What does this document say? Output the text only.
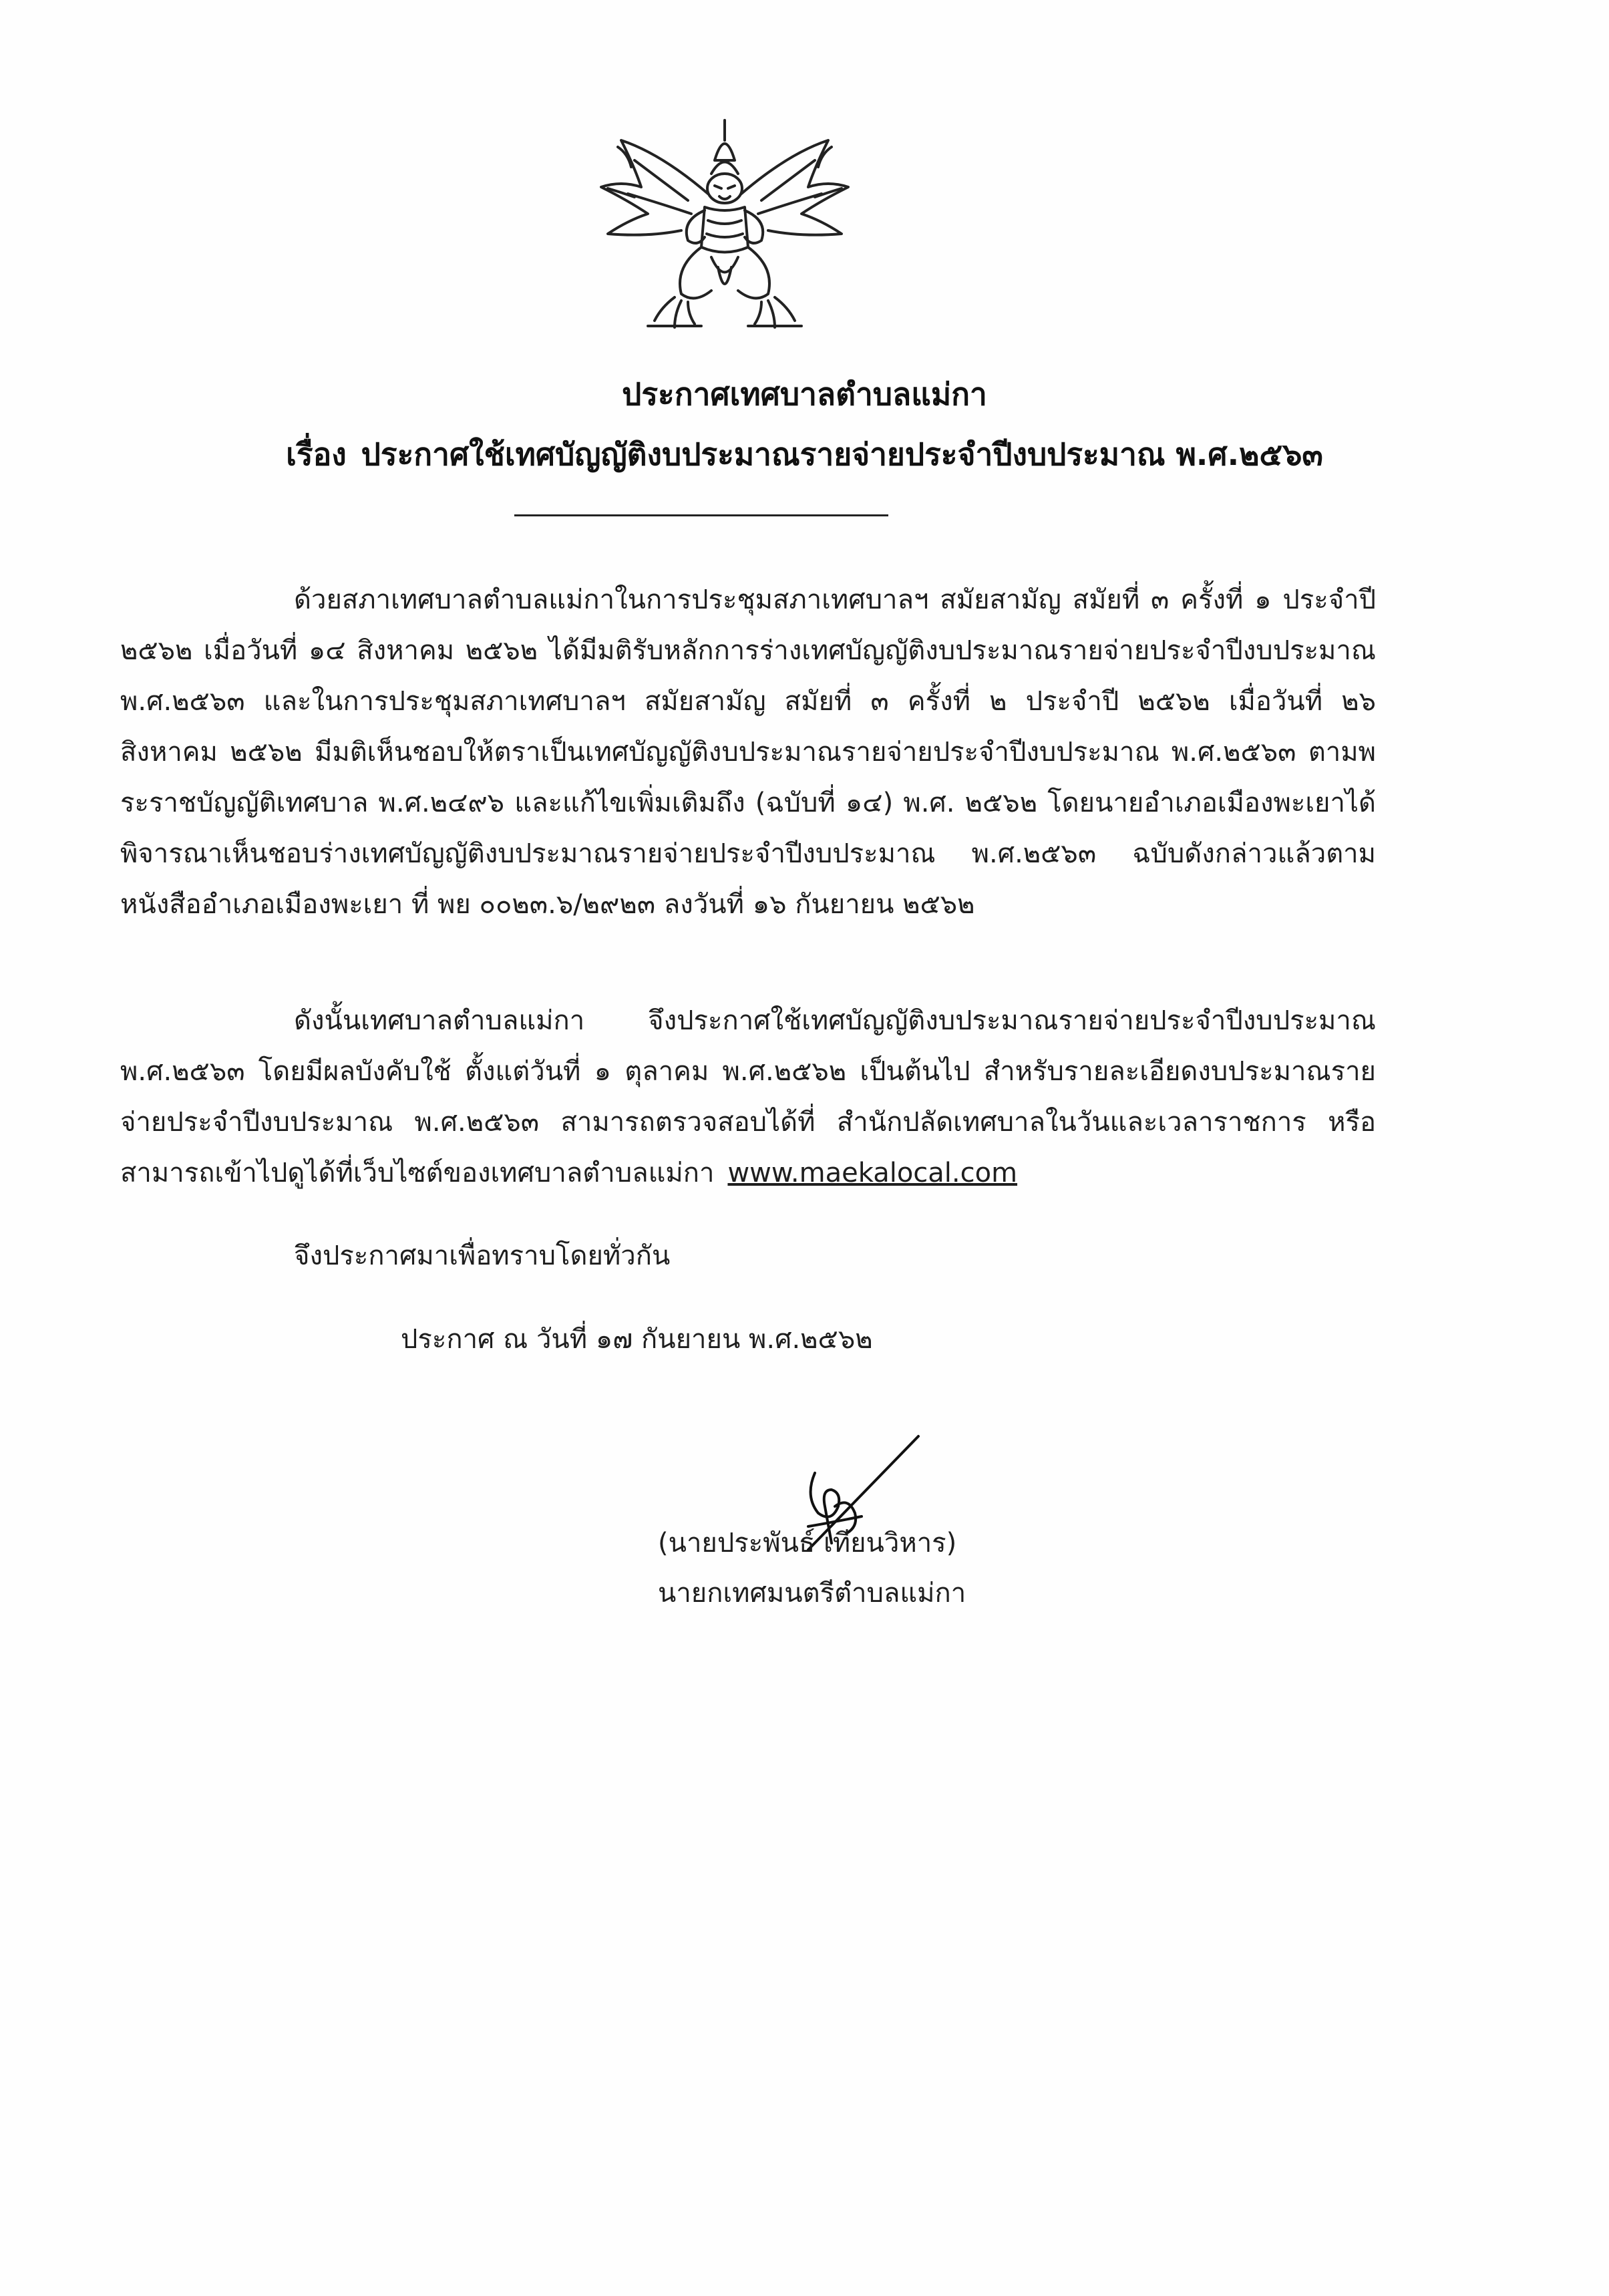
ประกาศเทศบาลตำบลแม่กา
เรื่อง ประกาศใช้เทศบัญญัติงบประมาณรายจ่ายประจำปีงบประมาณ พ.ศ.๒๕๖๓
ด้วยสภาเทศบาลตำบลแม่กาในการประชุมสภาเทศบาลฯ สมัยสามัญ สมัยที่ ๓ ครั้งที่ ๑ ประจำปี ๒๕๖๒ เมื่อวันที่ ๑๔ สิงหาคม ๒๕๖๒ ได้มีมติรับหลักการร่างเทศบัญญัติงบประมาณรายจ่ายประจำปีงบประมาณ พ.ศ.๒๕๖๓ และในการประชุมสภาเทศบาลฯ สมัยสามัญ สมัยที่ ๓ ครั้งที่ ๒ ประจำปี ๒๕๖๒ เมื่อวันที่ ๒๖ สิงหาคม ๒๕๖๒ มีมติเห็นชอบให้ตราเป็นเทศบัญญัติงบประมาณรายจ่ายประจำปีงบประมาณ พ.ศ.๒๕๖๓ ตามพระราชบัญญัติเทศบาล พ.ศ.๒๔๙๖ และแก้ไขเพิ่มเติมถึง (ฉบับที่ ๑๔) พ.ศ. ๒๕๖๒ โดยนายอำเภอเมืองพะเยาได้พิจารณาเห็นชอบร่างเทศบัญญัติงบประมาณรายจ่ายประจำปีงบประมาณ พ.ศ.๒๕๖๓ ฉบับดังกล่าวแล้วตามหนังสืออำเภอเมืองพะเยา ที่ พย ๐๐๒๓.๖/๒๙๒๓ ลงวันที่ ๑๖ กันยายน ๒๕๖๒
ดังนั้นเทศบาลตำบลแม่กา จึงประกาศใช้เทศบัญญัติงบประมาณรายจ่ายประจำปีงบประมาณ พ.ศ.๒๕๖๓ โดยมีผลบังคับใช้ ตั้งแต่วันที่ ๑ ตุลาคม พ.ศ.๒๕๖๒ เป็นต้นไป สำหรับรายละเอียดงบประมาณรายจ่ายประจำปีงบประมาณ พ.ศ.๒๕๖๓ สามารถตรวจสอบได้ที่ สำนักปลัดเทศบาลในวันและเวลาราชการ หรือสามารถเข้าไปดูได้ที่เว็บไซต์ของเทศบาลตำบลแม่กา www.maekalocal.com
จึงประกาศมาเพื่อทราบโดยทั่วกัน
ประกาศ ณ วันที่ ๑๗ กันยายน พ.ศ.๒๕๖๒
(นายประพันธ์ เทียนวิหาร)
นายกเทศมนตรีตำบลแม่กา
